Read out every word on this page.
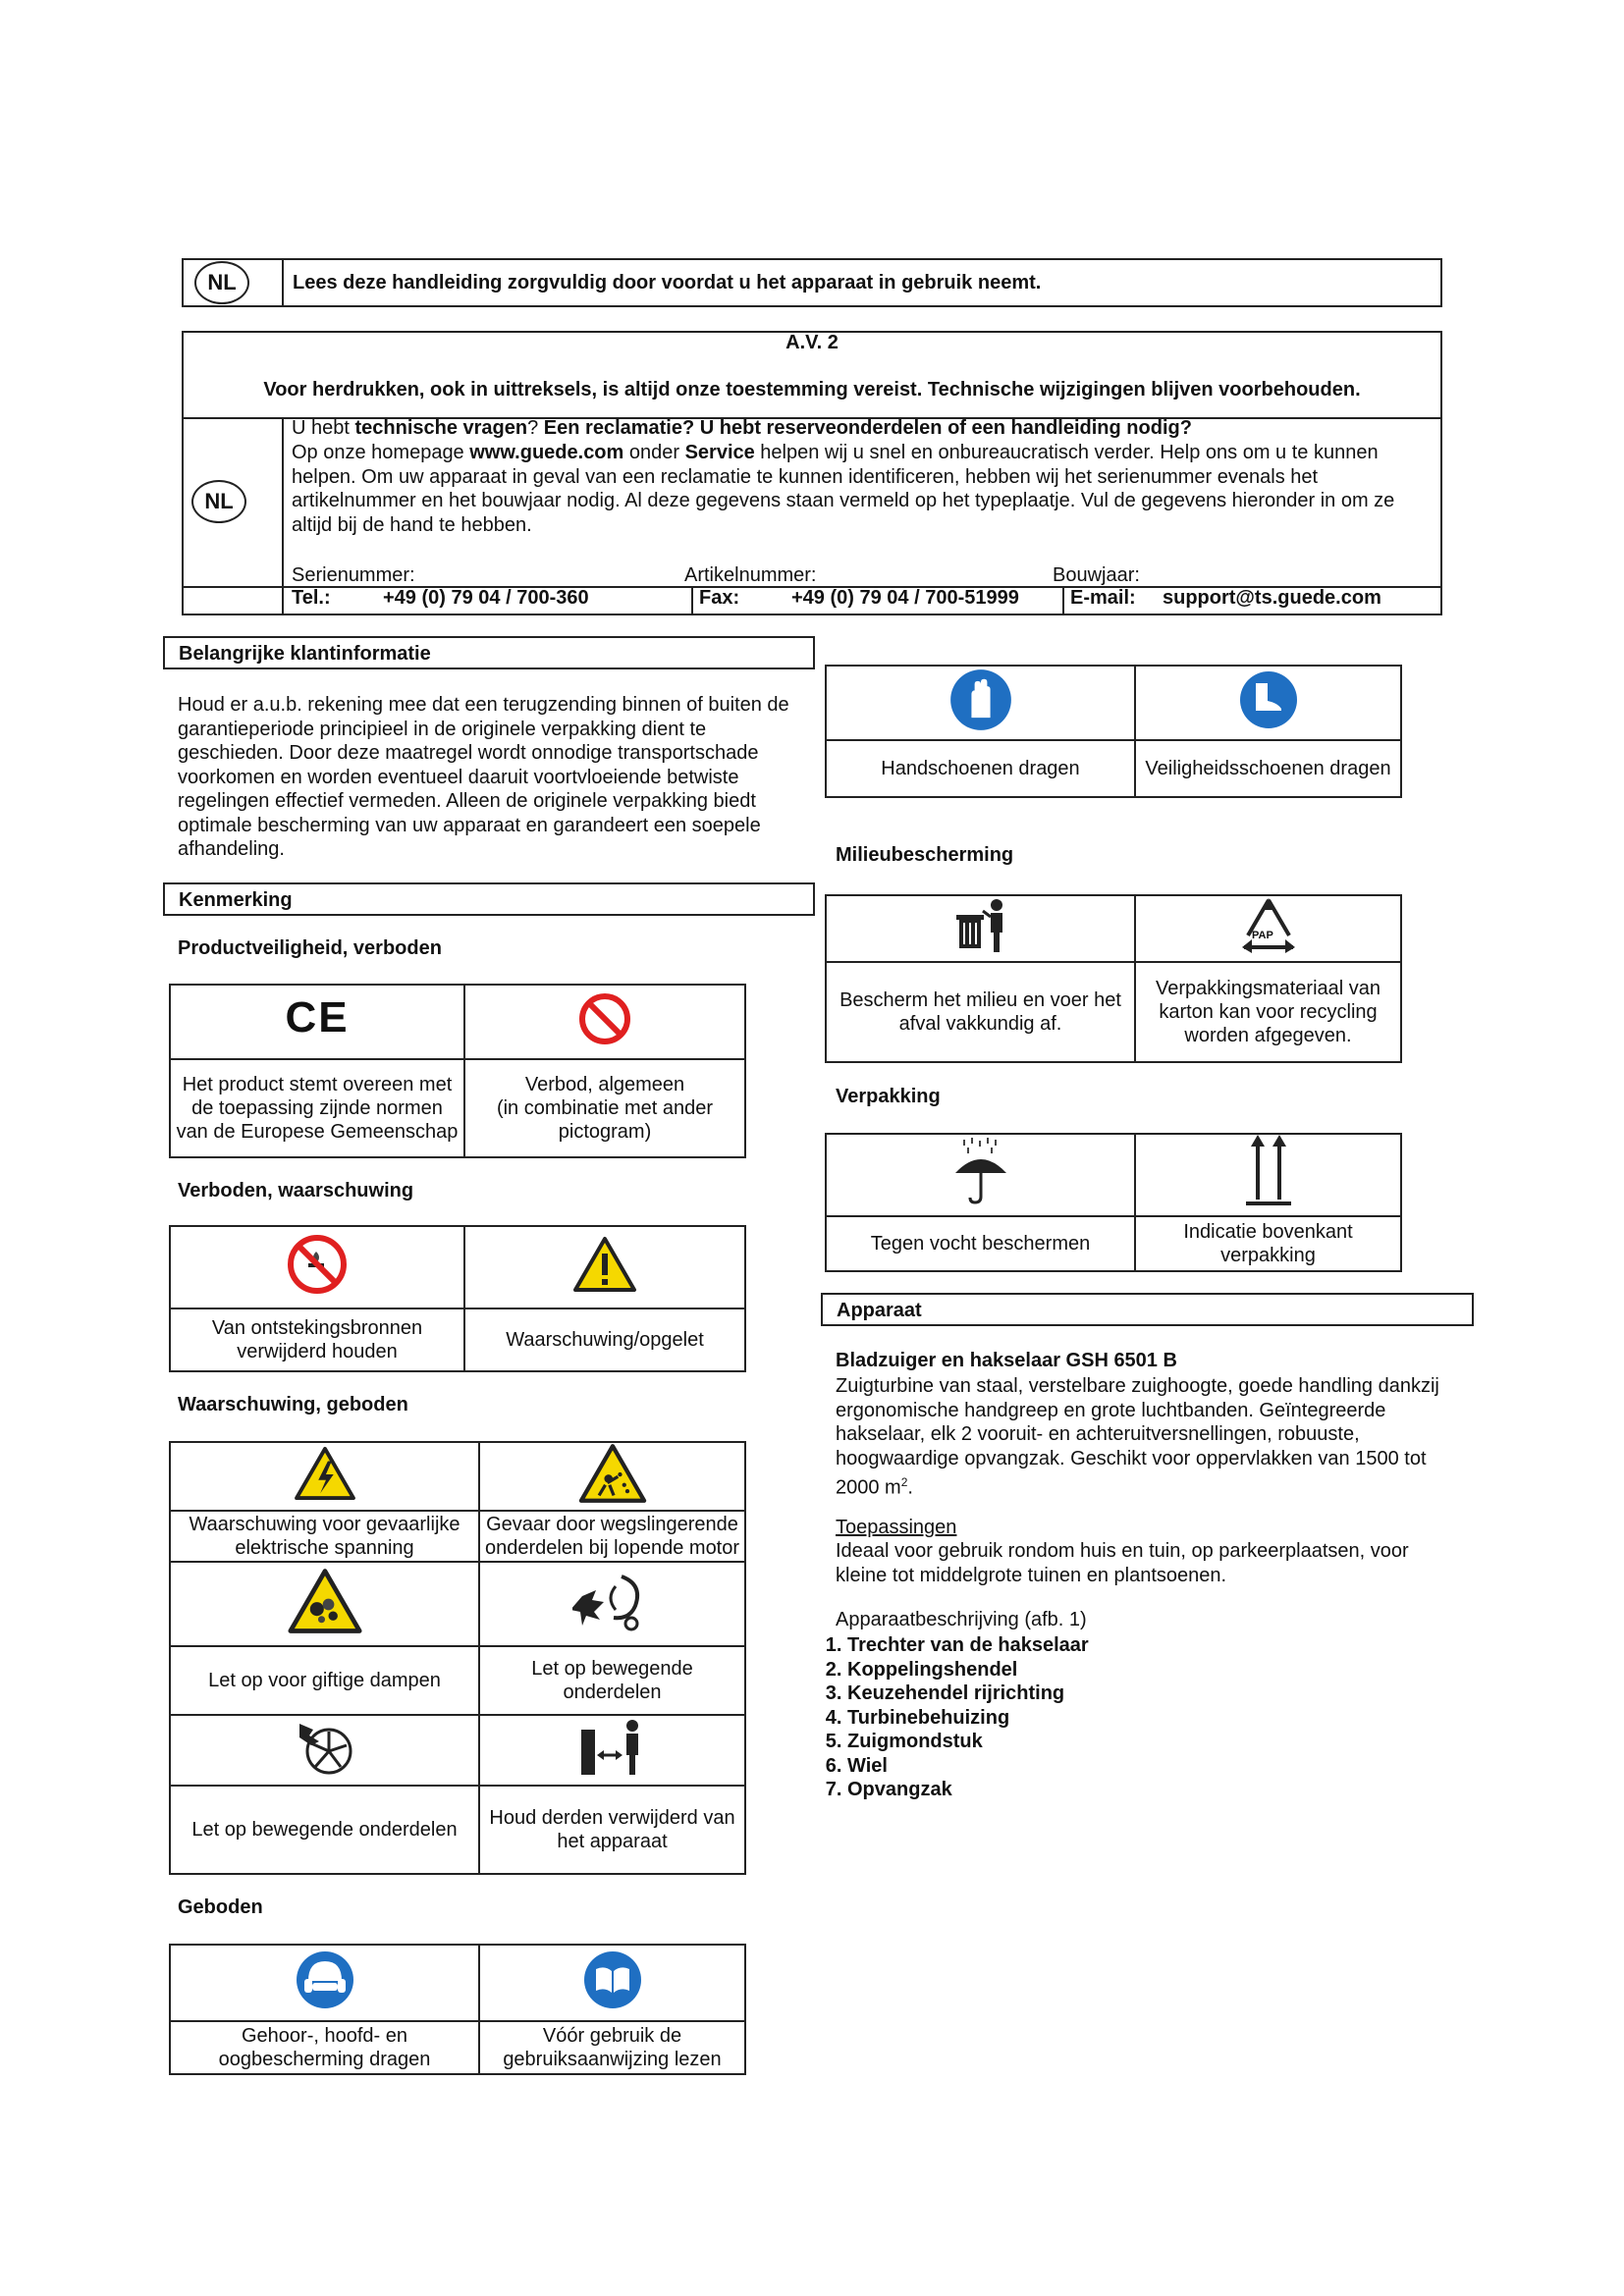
NL	Lees deze handleiding zorgvuldig door voordat u het apparaat in gebruik neemt.
A.V. 2
Voor herdrukken, ook in uittreksels, is altijd onze toestemming vereist. Technische wijzigingen blijven voorbehouden.
NL
U hebt technische vragen? Een reclamatie? U hebt reserveonderdelen of een handleiding nodig?
Op onze homepage www.guede.com onder Service helpen wij u snel en onbureaucratisch verder. Help ons om u te kunnen helpen. Om uw apparaat in geval van een reclamatie te kunnen identificeren, hebben wij het serienummer evenals het artikelnummer en het bouwjaar nodig. Al deze gegevens staan vermeld op het typeplaatje. Vul de gegevens hieronder in om ze altijd bij de hand te hebben.
Serienummer:	Artikelnummer:	Bouwjaar:
Tel.:	+49 (0) 79 04 / 700-360	Fax:	+49 (0) 79 04 / 700-51999	E-mail: support@ts.guede.com
Belangrijke klantinformatie
Houd er a.u.b. rekening mee dat een terugzending binnen of buiten de garantieperiode principieel in de originele verpakking dient te geschieden. Door deze maatregel wordt onnodige transportschade voorkomen en worden eventueel daaruit voortvloeiende betwiste regelingen effectief vermeden. Alleen de originele verpakking biedt optimale bescherming van uw apparaat en garandeert een soepele afhandeling.
Kenmerking
Productveiligheid, verboden
CE	
Het product stemt overeen met de toepassing zijnde normen van de Europese Gemeenschap	Verbod, algemeen
(in combinatie met ander pictogram)
Verboden, waarschuwing

Van ontstekingsbronnen verwijderd houden	Waarschuwing/opgelet
Waarschuwing, geboden

Waarschuwing voor gevaarlijke elektrische spanning	Gevaar door wegslingerende onderdelen bij lopende motor

Let op voor giftige dampen	Let op bewegende onderdelen

Let op bewegende onderdelen	Houd derden verwijderd van het apparaat
Geboden

Gehoor-, hoofd- en oogbescherming dragen	Vóór gebruik de gebruiksaanwijzing lezen

Handschoenen dragen	Veiligheidsschoenen dragen
Milieubescherming

PAP

Bescherm het milieu en voer het afval vakkundig af.	Verpakkingsmateriaal van karton kan voor recycling worden afgegeven.
Verpakking

Tegen vocht beschermen	Indicatie bovenkant verpakking
Apparaat
Bladzuiger en hakselaar GSH 6501 B
Zuigturbine van staal, verstelbare zuighoogte, goede handling dankzij ergonomische handgreep en grote luchtbanden. Geïntegreerde hakselaar, elk 2 vooruit- en achteruitversnellingen, robuuste, hoogwaardige opvangzak. Geschikt voor oppervlakken van 1500 tot 2000 $m^2$.
Toepassingen
Ideaal voor gebruik rondom huis en tuin, op parkeerplaatsen, voor kleine tot middelgrote tuinen en plantsoenen.
Apparaatbeschrijving (afb. 1)
1. Trechter van de hakselaar
2. Koppelingshendel
3. Keuzehendel rijrichting
4. Turbinebehuizing
5. Zuigmondstuk
6. Wiel
7. Opvangzak
